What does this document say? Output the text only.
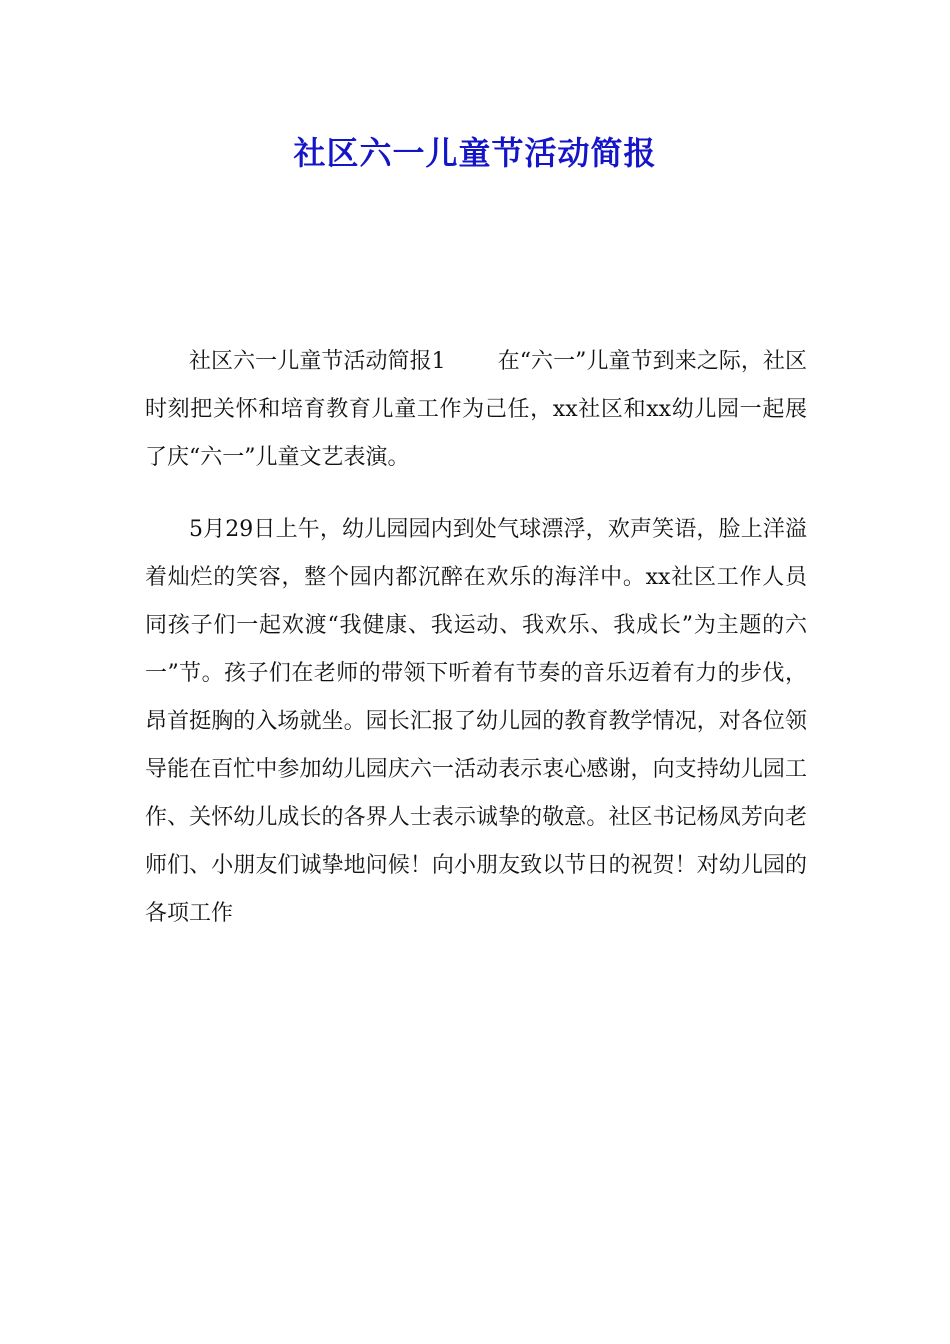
社区六一儿童节活动简报

社区六一儿童节活动简报1 在“六一”儿童节到来之际，社区时刻把关怀和培育教育儿童工作为己任，xx社区和xx幼儿园一起展了庆“六一”儿童文艺表演。

5月29日上午，幼儿园园内到处气球漂浮，欢声笑语，脸上洋溢着灿烂的笑容，整个园内都沉醉在欢乐的海洋中。xx社区工作人员同孩子们一起欢渡“我健康、我运动、我欢乐、我成长”为主题的六一”节。孩子们在老师的带领下听着有节奏的音乐迈着有力的步伐，昂首挺胸的入场就坐。园长汇报了幼儿园的教育教学情况，对各位领导能在百忙中参加幼儿园庆六一活动表示衷心感谢，向支持幼儿园工作、关怀幼儿成长的各界人士表示诚挚的敬意。社区书记杨凤芳向老师们、小朋友们诚挚地问候！向小朋友致以节日的祝贺！对幼儿园的各项工作
